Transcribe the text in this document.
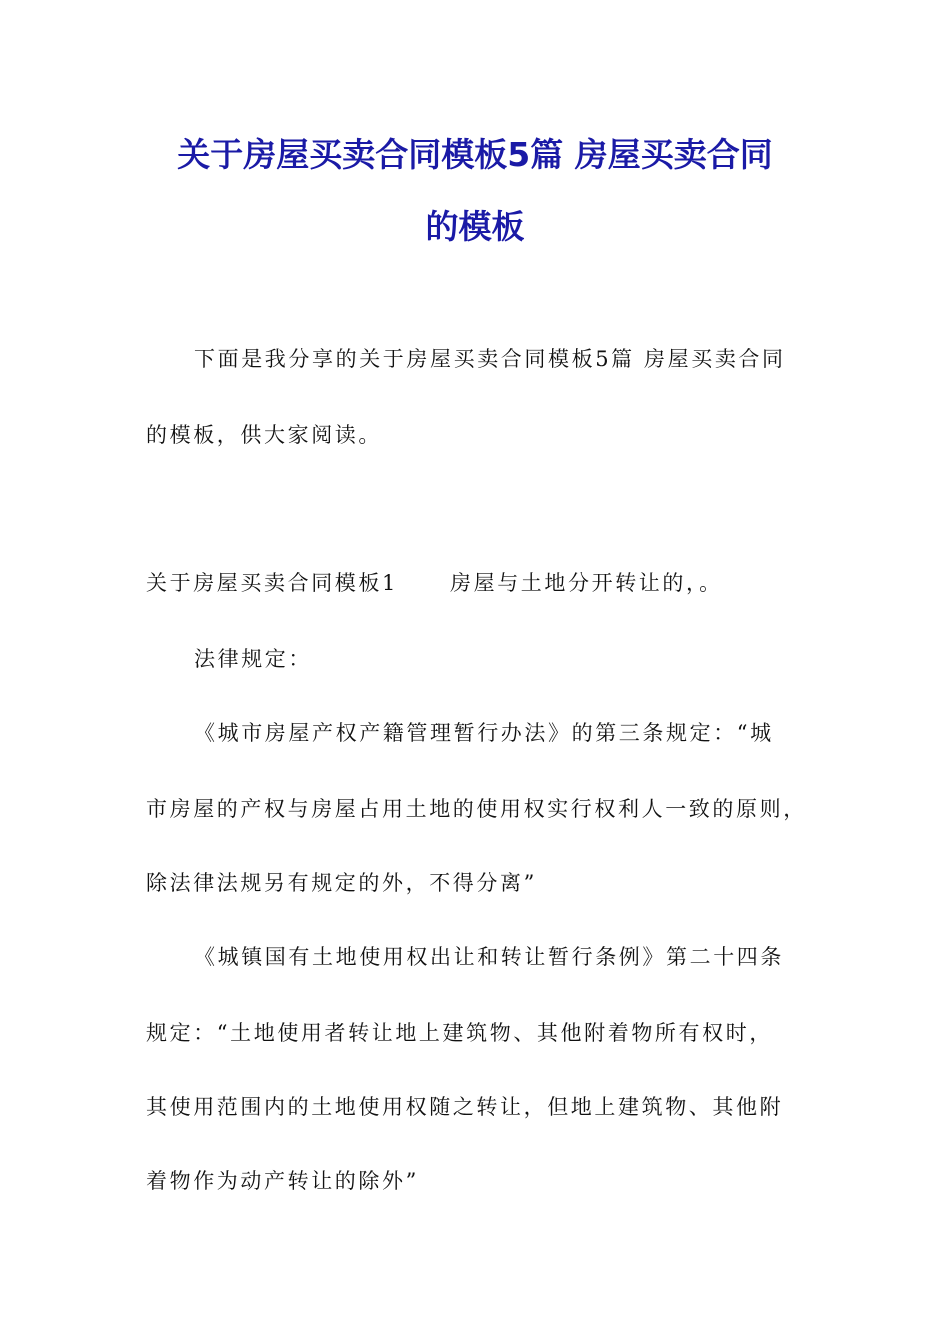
关于房屋买卖合同模板5篇 房屋买卖合同
的模板
下面是我分享的关于房屋买卖合同模板5篇 房屋买卖合同
的模板，供大家阅读。
关于房屋买卖合同模板1 房屋与土地分开转让的，。
法律规定：
《城市房屋产权产籍管理暂行办法》的第三条规定：“城
市房屋的产权与房屋占用土地的使用权实行权利人一致的原则，
除法律法规另有规定的外，不得分离”
《城镇国有土地使用权出让和转让暂行条例》第二十四条
规定：“土地使用者转让地上建筑物、其他附着物所有权时，
其使用范围内的土地使用权随之转让，但地上建筑物、其他附
着物作为动产转让的除外”
